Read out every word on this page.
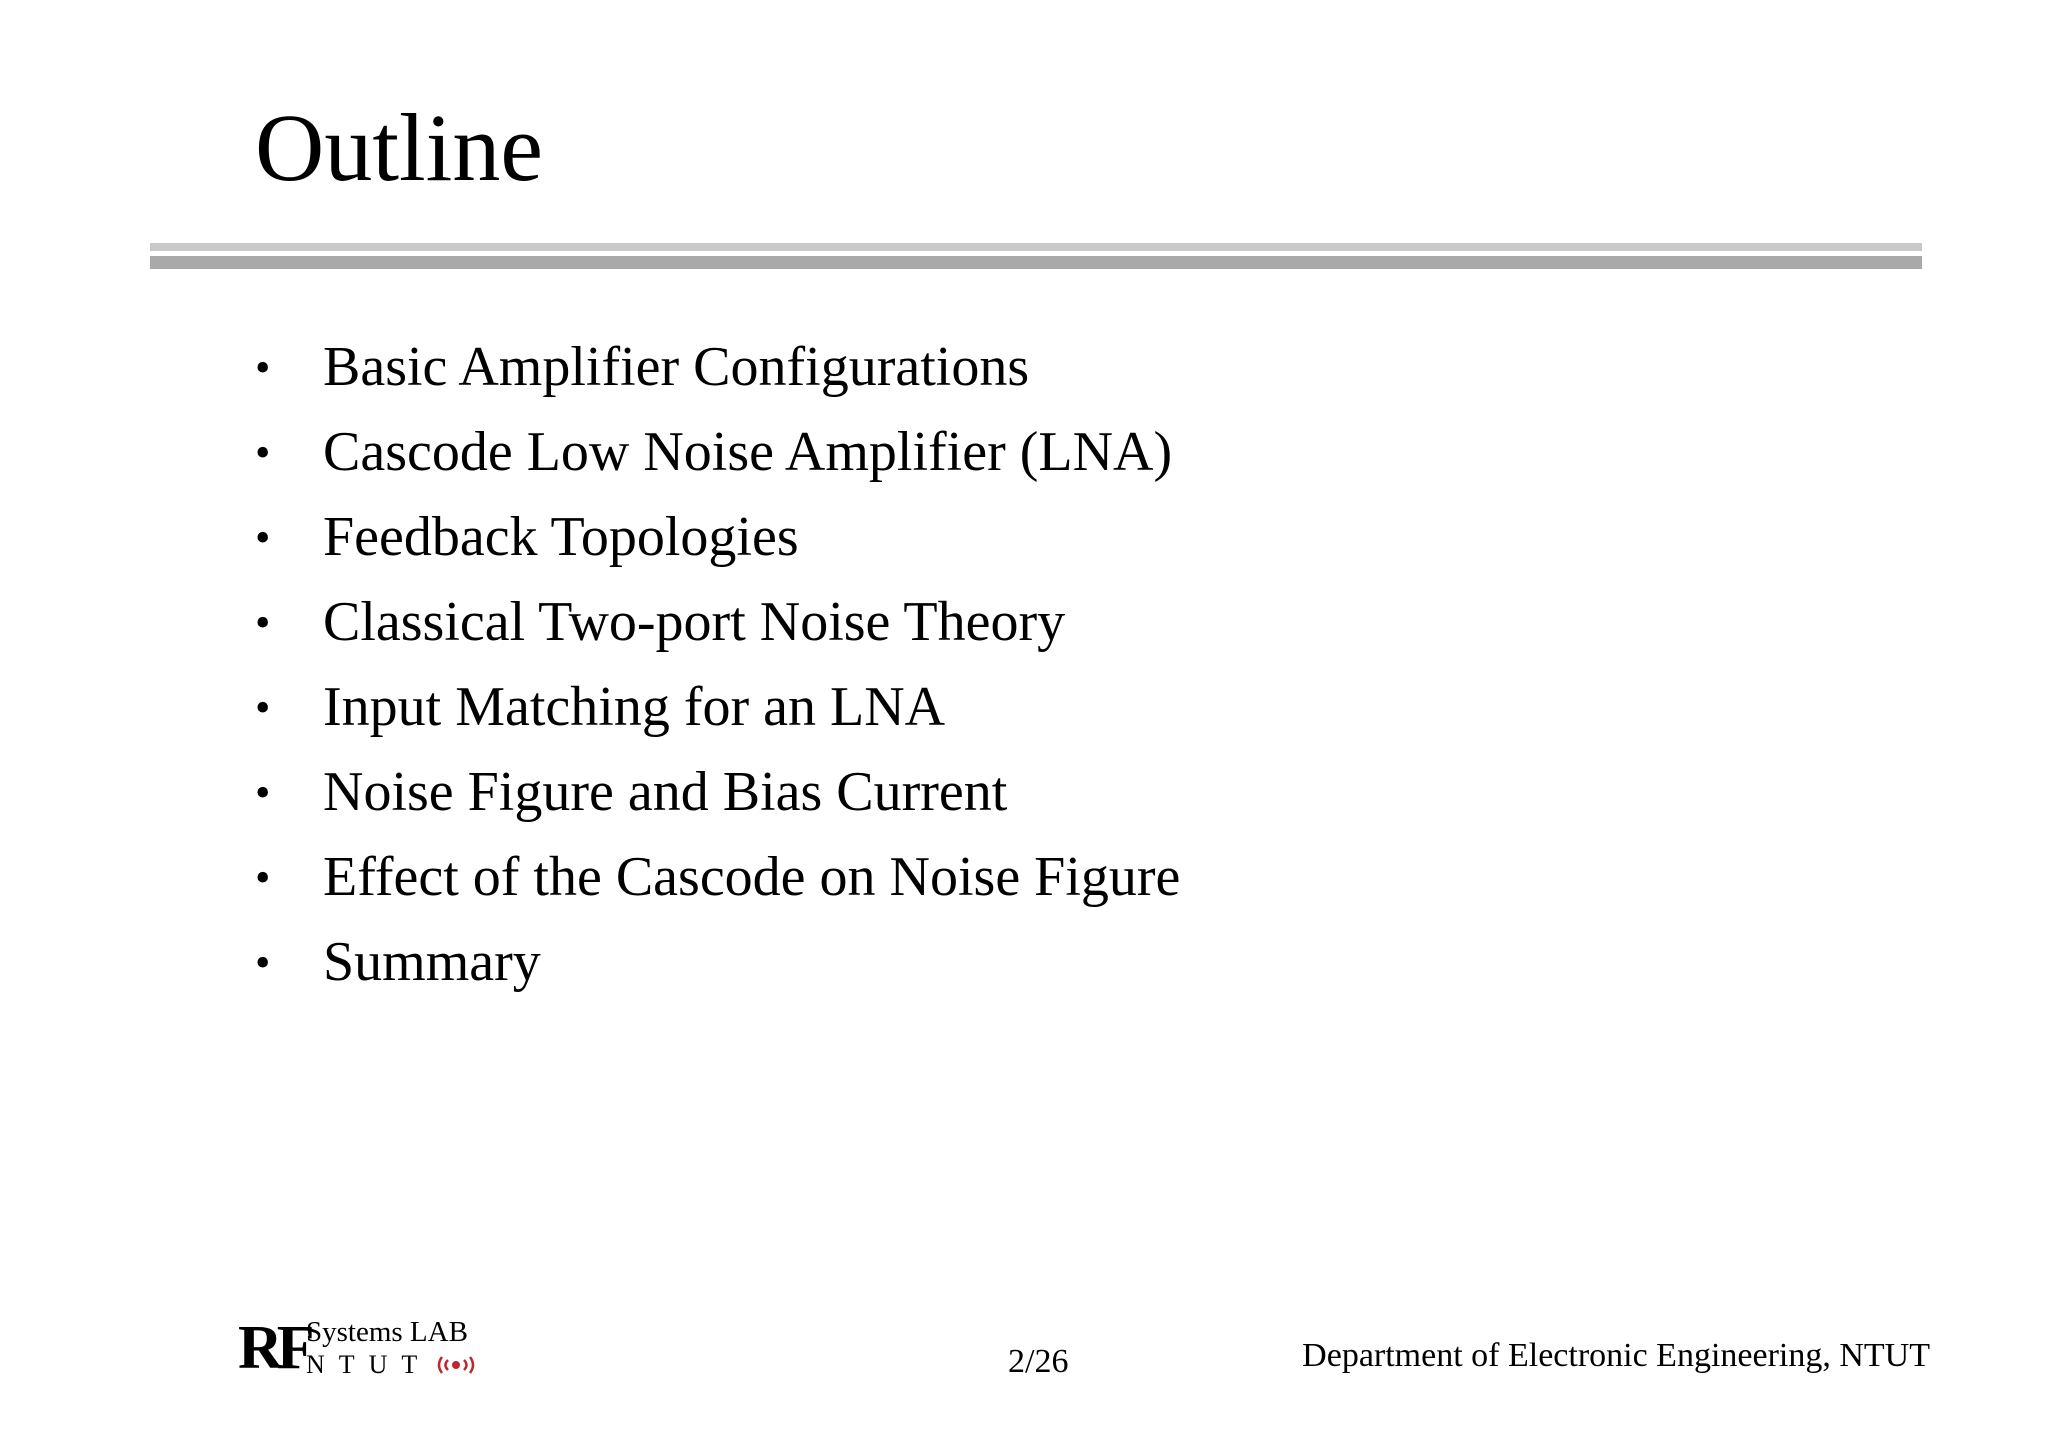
Outline
• Basic Amplifier Configurations
• Cascode Low Noise Amplifier (LNA)
• Feedback Topologies
• Classical Two-port Noise Theory
• Input Matching for an LNA
• Noise Figure and Bias Current
• Effect of the Cascode on Noise Figure
• Summary
RF
Systems LAB
NTUT	2/26	Department of Electronic Engineering, NTUT
